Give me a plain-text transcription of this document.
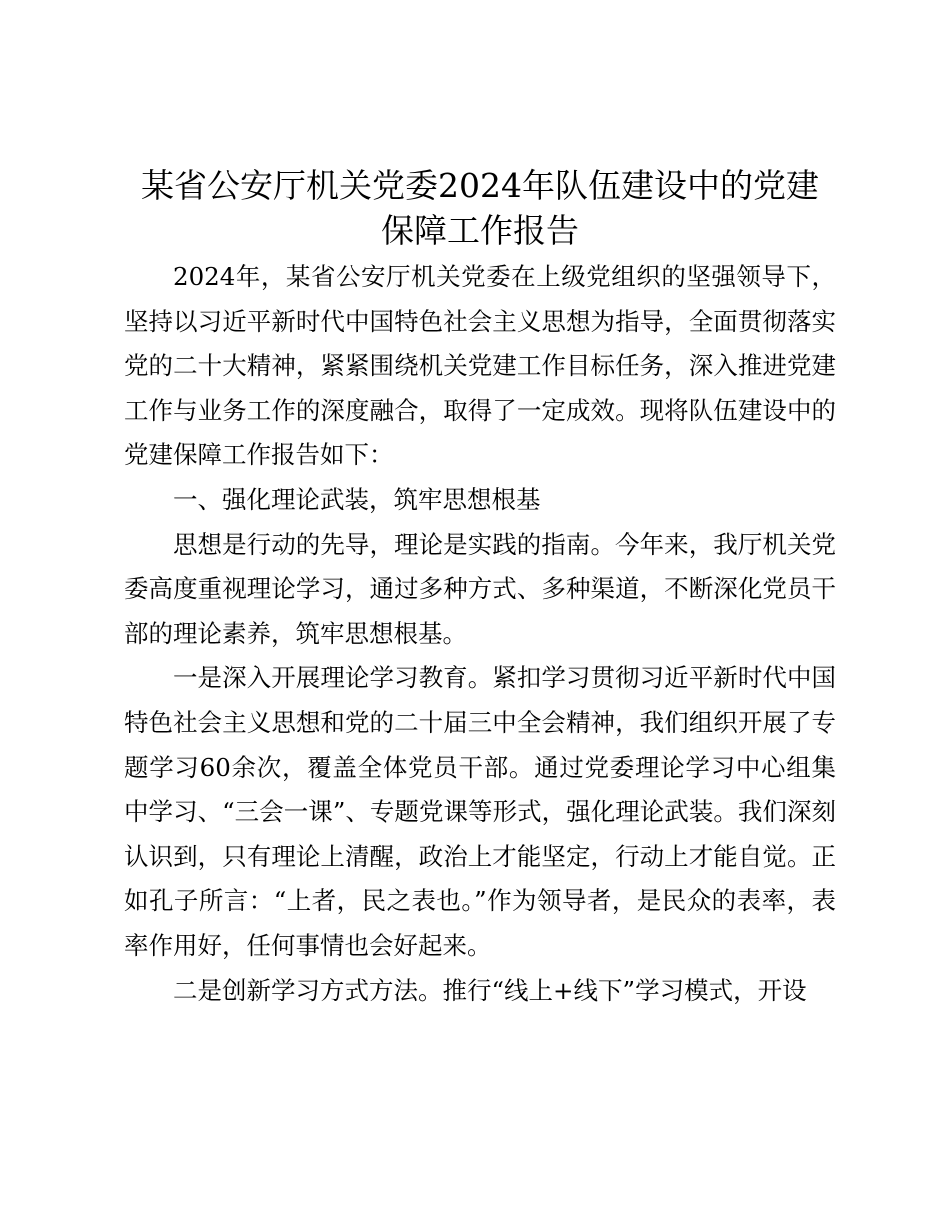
某省公安厅机关党委2024年队伍建设中的党建
保障工作报告

2024年，某省公安厅机关党委在上级党组织的坚强领导下，坚持以习近平新时代中国特色社会主义思想为指导，全面贯彻落实党的二十大精神，紧紧围绕机关党建工作目标任务，深入推进党建工作与业务工作的深度融合，取得了一定成效。现将队伍建设中的党建保障工作报告如下：

一、强化理论武装，筑牢思想根基

思想是行动的先导，理论是实践的指南。今年来，我厅机关党委高度重视理论学习，通过多种方式、多种渠道，不断深化党员干部的理论素养，筑牢思想根基。

一是深入开展理论学习教育。紧扣学习贯彻习近平新时代中国特色社会主义思想和党的二十届三中全会精神，我们组织开展了专题学习60余次，覆盖全体党员干部。通过党委理论学习中心组集中学习、“三会一课”、专题党课等形式，强化理论武装。我们深刻认识到，只有理论上清醒，政治上才能坚定，行动上才能自觉。正如孔子所言：“上者，民之表也。”作为领导者，是民众的表率，表率作用好，任何事情也会好起来。

二是创新学习方式方法。推行“线上+线下”学习模式，开设
